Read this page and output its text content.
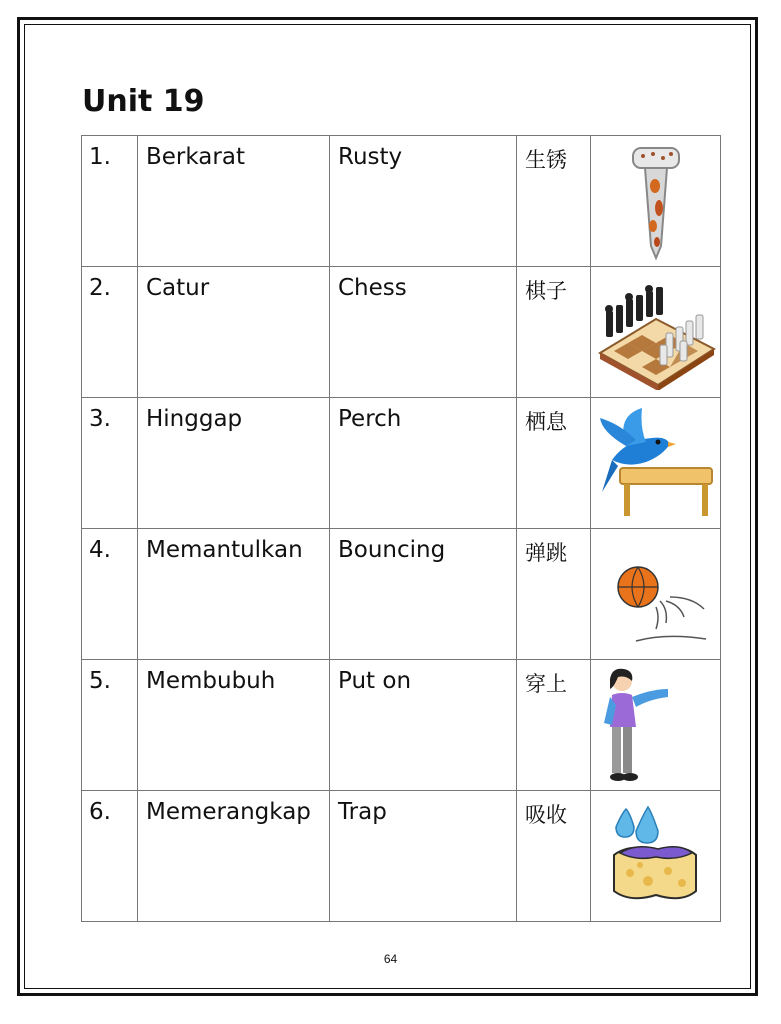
Unit 19
1.	Berkarat	Rusty	生锈	

2.	Catur	Chess	棋子	

3.	Hinggap	Perch	栖息	

4.	Memantulkan	Bouncing	弹跳	

5.	Membubuh	Put on	穿上	

6.	Memerangkap	Trap	吸收	
64
